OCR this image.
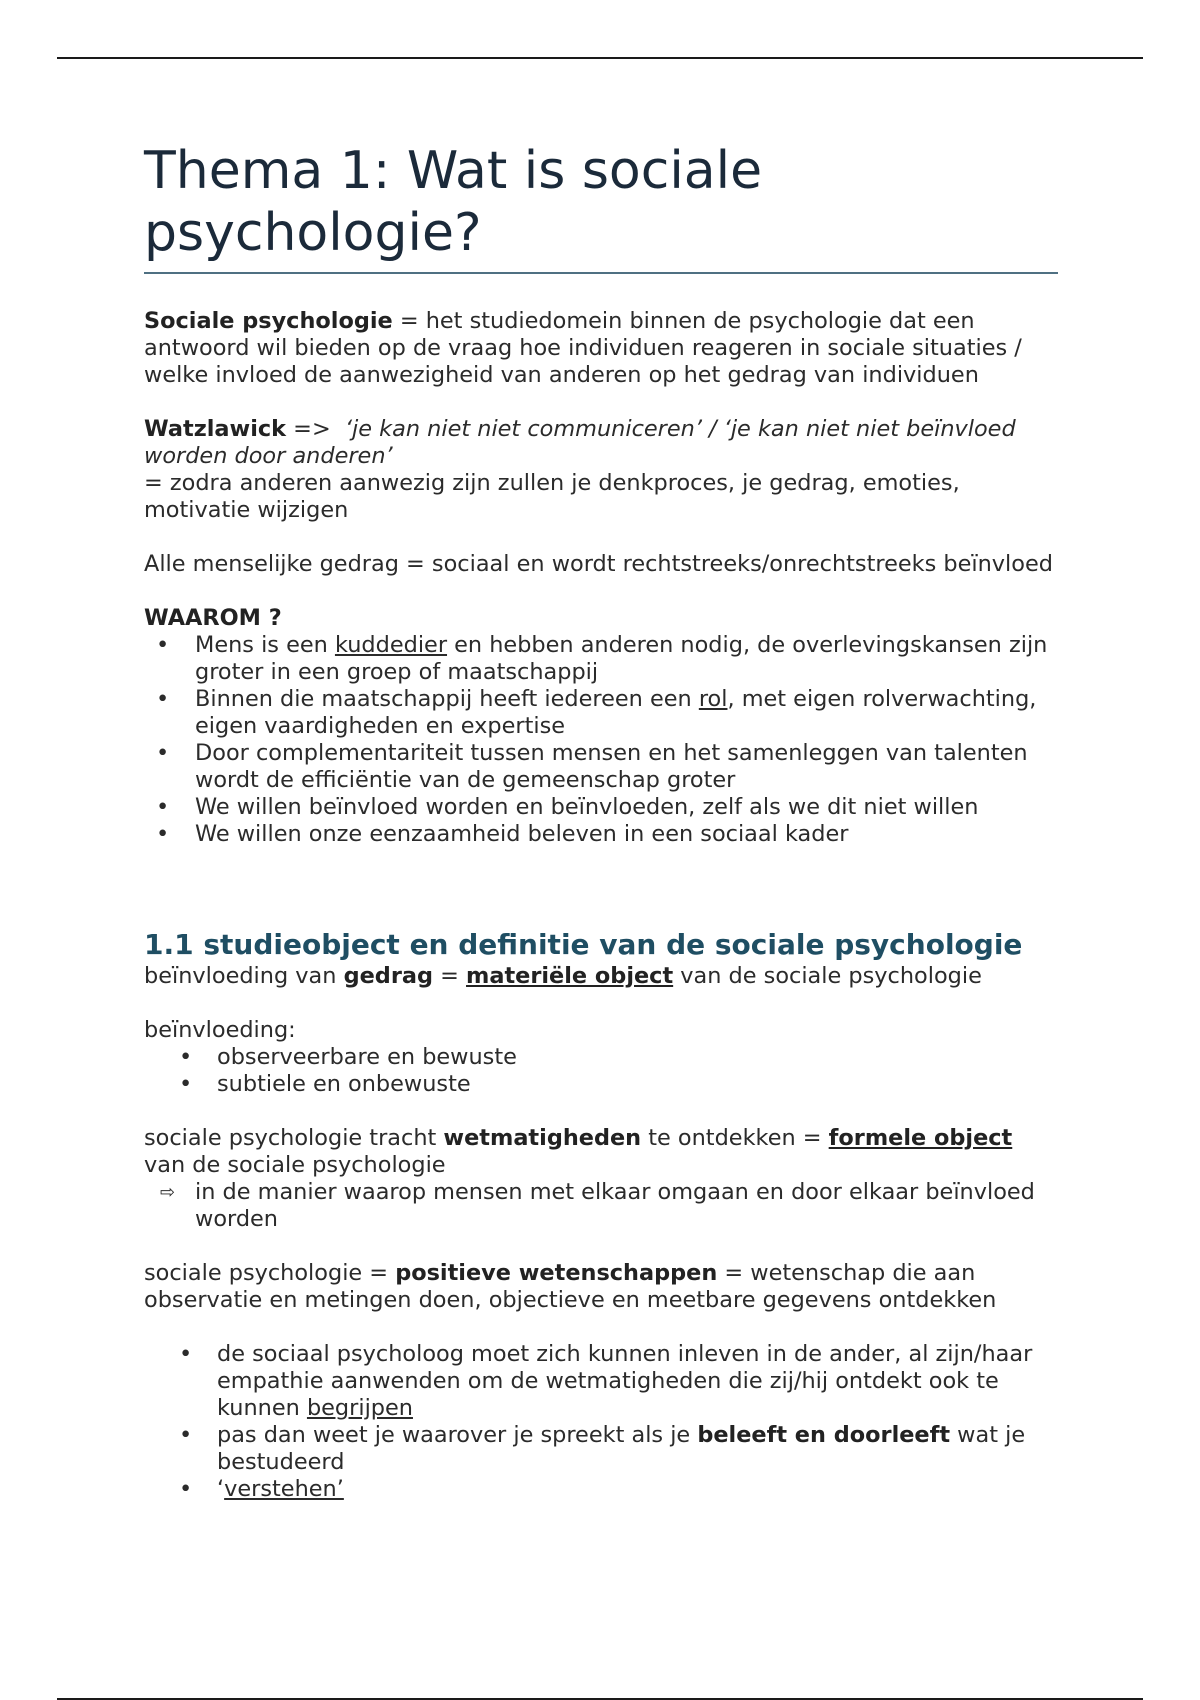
Thema 1: Wat is sociale psychologie?

Sociale psychologie = het studiedomein binnen de psychologie dat een antwoord wil bieden op de vraag hoe individuen reageren in sociale situaties / welke invloed de aanwezigheid van anderen op het gedrag van individuen

Watzlawick =>  ‘je kan niet niet communiceren’ / ‘je kan niet niet beïnvloed worden door anderen’
= zodra anderen aanwezig zijn zullen je denkproces, je gedrag, emoties, motivatie wijzigen

Alle menselijke gedrag = sociaal en wordt rechtstreeks/onrechtstreeks beïnvloed

WAAROM ?

• Mens is een kuddedier en hebben anderen nodig, de overlevingskansen zijn groter in een groep of maatschappij
• Binnen die maatschappij heeft iedereen een rol, met eigen rolverwachting, eigen vaardigheden en expertise
• Door complementariteit tussen mensen en het samenleggen van talenten wordt de efficiëntie van de gemeenschap groter
• We willen beïnvloed worden en beïnvloeden, zelf als we dit niet willen
• We willen onze eenzaamheid beleven in een sociaal kader
1.1 studieobject en definitie van de sociale psychologie

beïnvloeding van gedrag = materiële object van de sociale psychologie

beïnvloeding:

• observeerbare en bewuste
• subtiele en onbewuste

sociale psychologie tracht wetmatigheden te ontdekken = formele object van de sociale psychologie

⇨ in de manier waarop mensen met elkaar omgaan en door elkaar beïnvloed worden

sociale psychologie = positieve wetenschappen = wetenschap die aan observatie en metingen doen, objectieve en meetbare gegevens ontdekken

• de sociaal psycholoog moet zich kunnen inleven in de ander, al zijn/haar empathie aanwenden om de wetmatigheden die zij/hij ontdekt ook te kunnen begrijpen
• pas dan weet je waarover je spreekt als je beleeft en doorleeft wat je bestudeerd
• ‘verstehen’
